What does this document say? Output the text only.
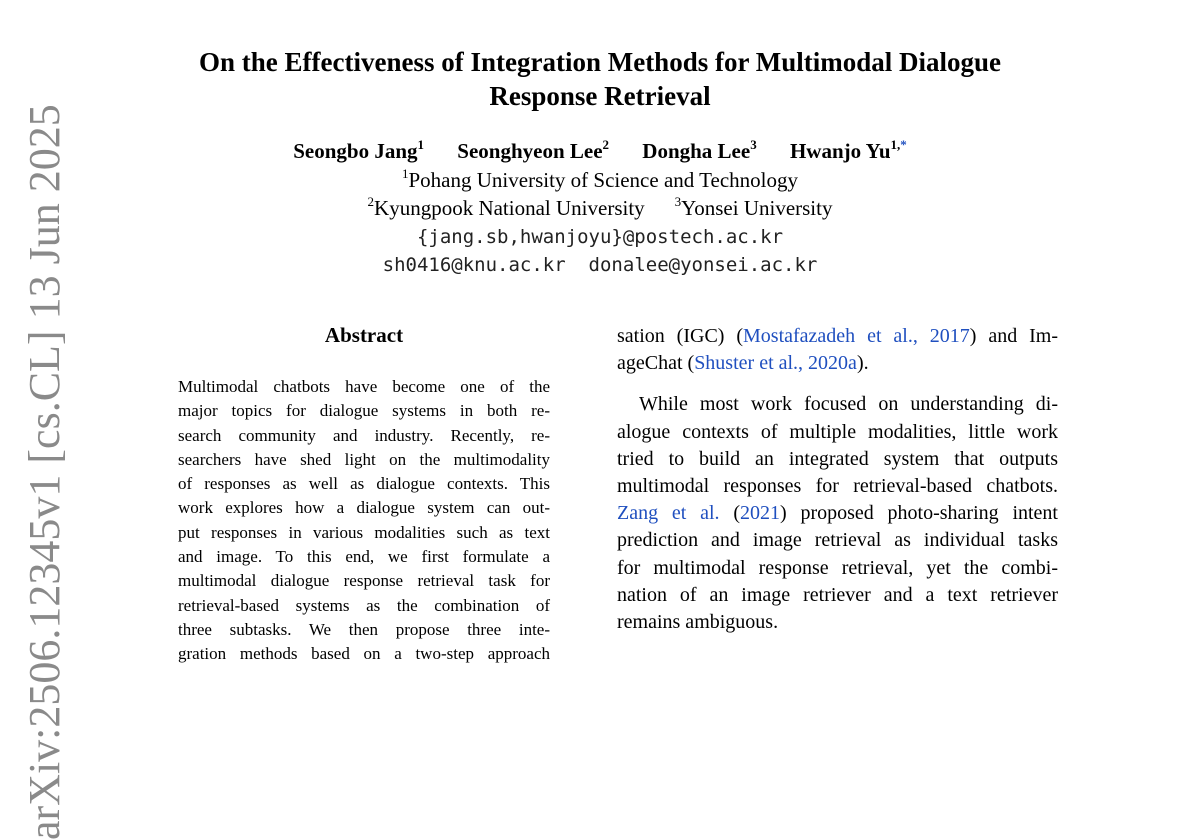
On the Effectiveness of Integration Methods for Multimodal Dialogue
Response Retrieval
Seongbo Jang$^1$ Seonghyeon Lee$^2$ Dongha Lee$^3$ Hwanjo $Yu^{1,*}$
$^1$Pohang University of Science and Technology
$^2$Kyungpook National University $^3$Yonsei University
{jang.sb,hwanjoyu}@postech.ac.kr
sh0416@knu.ac.kr  donalee@yonsei.ac.kr
Abstract
Multimodal chatbots have become one of the
major topics for dialogue systems in both re-
search community and industry. Recently, re-
searchers have shed light on the multimodality
of responses as well as dialogue contexts. This
work explores how a dialogue system can out-
put responses in various modalities such as text
and image. To this end, we first formulate a
multimodal dialogue response retrieval task for
retrieval-based systems as the combination of
three subtasks. We then propose three inte-
gration methods based on a two-step approach
sation (IGC) (Mostafazadeh et al., 2017) and Im-
ageChat (Shuster et al., 2020a).
While most work focused on understanding di-
alogue contexts of multiple modalities, little work
tried to build an integrated system that outputs
multimodal responses for retrieval-based chatbots.
Zang et al. (2021) proposed photo-sharing intent
prediction and image retrieval as individual tasks
for multimodal response retrieval, yet the combi-
nation of an image retriever and a text retriever
remains ambiguous.
arXiv:2506.12345v1 [cs.CL] 13 Jun 2025
